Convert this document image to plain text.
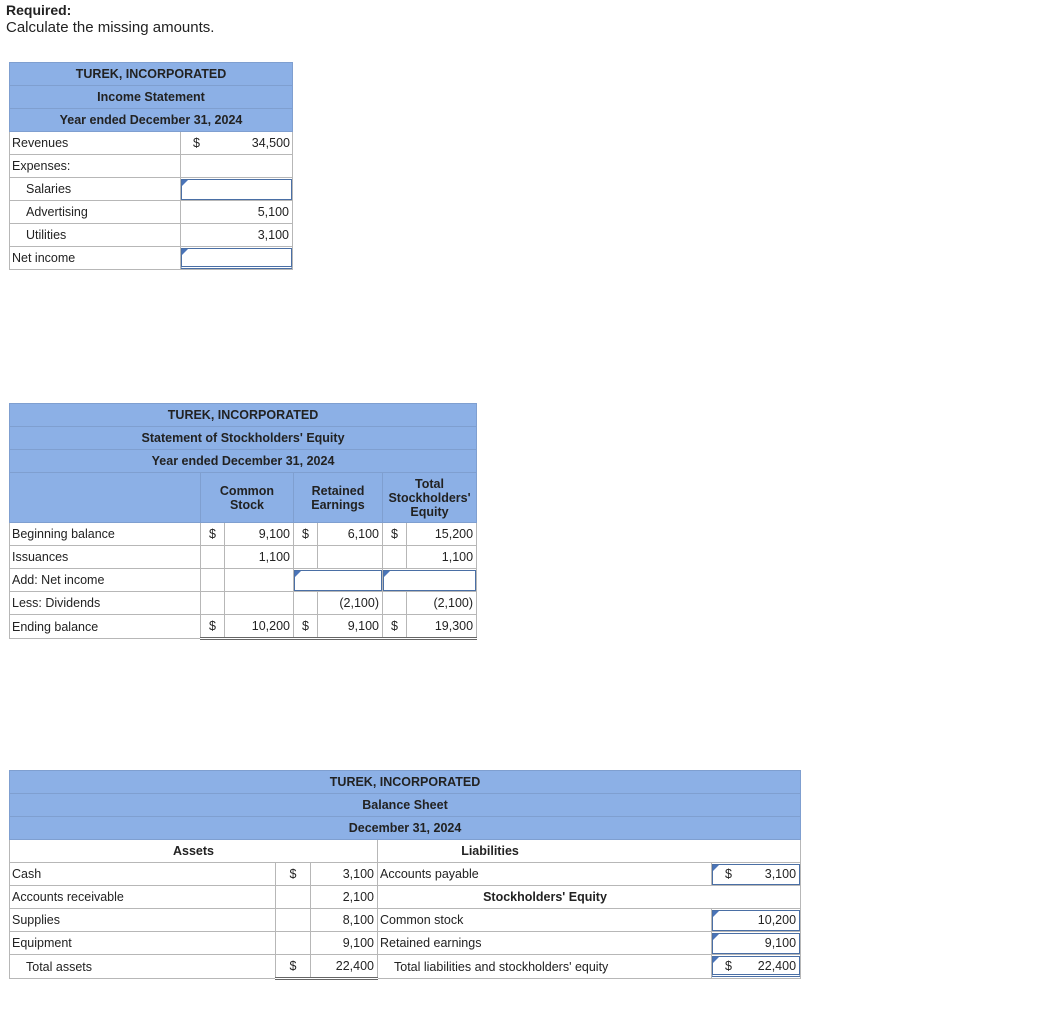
Required:
Calculate the missing amounts.
TUREK, INCORPORATED	
Income Statement	
Year ended December 31, 2024	
Revenues	$ 34,500

Expenses:	
Salaries	

Advertising	5,100
Utilities	3,100
Net income	
TUREK, INCORPORATED						
Statement of Stockholders' Equity						
Year ended December 31, 2024						
	Common Stock		Retained Earnings		Total Stockholders' Equity	
Beginning balance	$	9,100	$	6,100	$	15,200
Issuances		1,100				1,100
Add: Net income					

Less: Dividends				(2,100)		(2,100)
Ending balance	$	10,200	$	9,100	$	19,300
TUREK, INCORPORATED				
Balance Sheet				
December 31, 2024				
Assets			Liabilities	
Cash	$	3,100	Accounts payable	$ 3,100

Accounts receivable		2,100	Stockholders' Equity	
Supplies		8,100	Common stock	10,200

Equipment		9,100	Retained earnings	9,100

Total assets	$	22,400	Total liabilities and stockholders' equity	$ 22,400
